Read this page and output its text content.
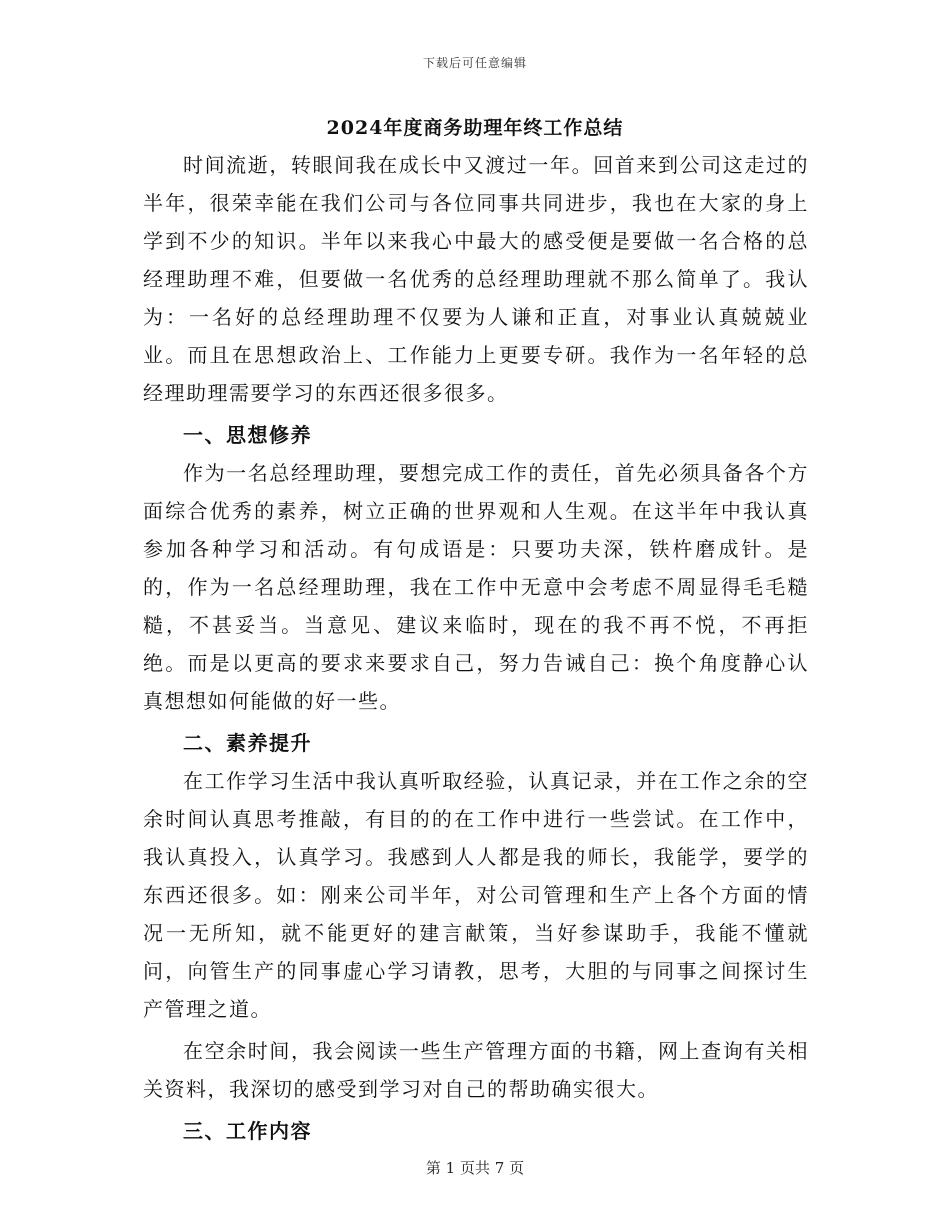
下载后可任意编辑
2024年度商务助理年终工作总结

时间流逝，转眼间我在成长中又渡过一年。回首来到公司这走过的半年，很荣幸能在我们公司与各位同事共同进步，我也在大家的身上学到不少的知识。半年以来我心中最大的感受便是要做一名合格的总经理助理不难，但要做一名优秀的总经理助理就不那么简单了。我认为：一名好的总经理助理不仅要为人谦和正直，对事业认真兢兢业业。而且在思想政治上、工作能力上更要专研。我作为一名年轻的总经理助理需要学习的东西还很多很多。

一、思想修养

作为一名总经理助理，要想完成工作的责任，首先必须具备各个方面综合优秀的素养，树立正确的世界观和人生观。在这半年中我认真参加各种学习和活动。有句成语是：只要功夫深，铁杵磨成针。是的，作为一名总经理助理，我在工作中无意中会考虑不周显得毛毛糙糙，不甚妥当。当意见、建议来临时，现在的我不再不悦，不再拒绝。而是以更高的要求来要求自己，努力告诫自己：换个角度静心认真想想如何能做的好一些。

二、素养提升

在工作学习生活中我认真听取经验，认真记录，并在工作之余的空余时间认真思考推敲，有目的的在工作中进行一些尝试。在工作中，我认真投入，认真学习。我感到人人都是我的师长，我能学，要学的东西还很多。如：刚来公司半年，对公司管理和生产上各个方面的情况一无所知，就不能更好的建言献策，当好参谋助手，我能不懂就问，向管生产的同事虚心学习请教，思考，大胆的与同事之间探讨生产管理之道。

在空余时间，我会阅读一些生产管理方面的书籍，网上查询有关相关资料，我深切的感受到学习对自己的帮助确实很大。

三、工作内容
第 1 页共 7 页
